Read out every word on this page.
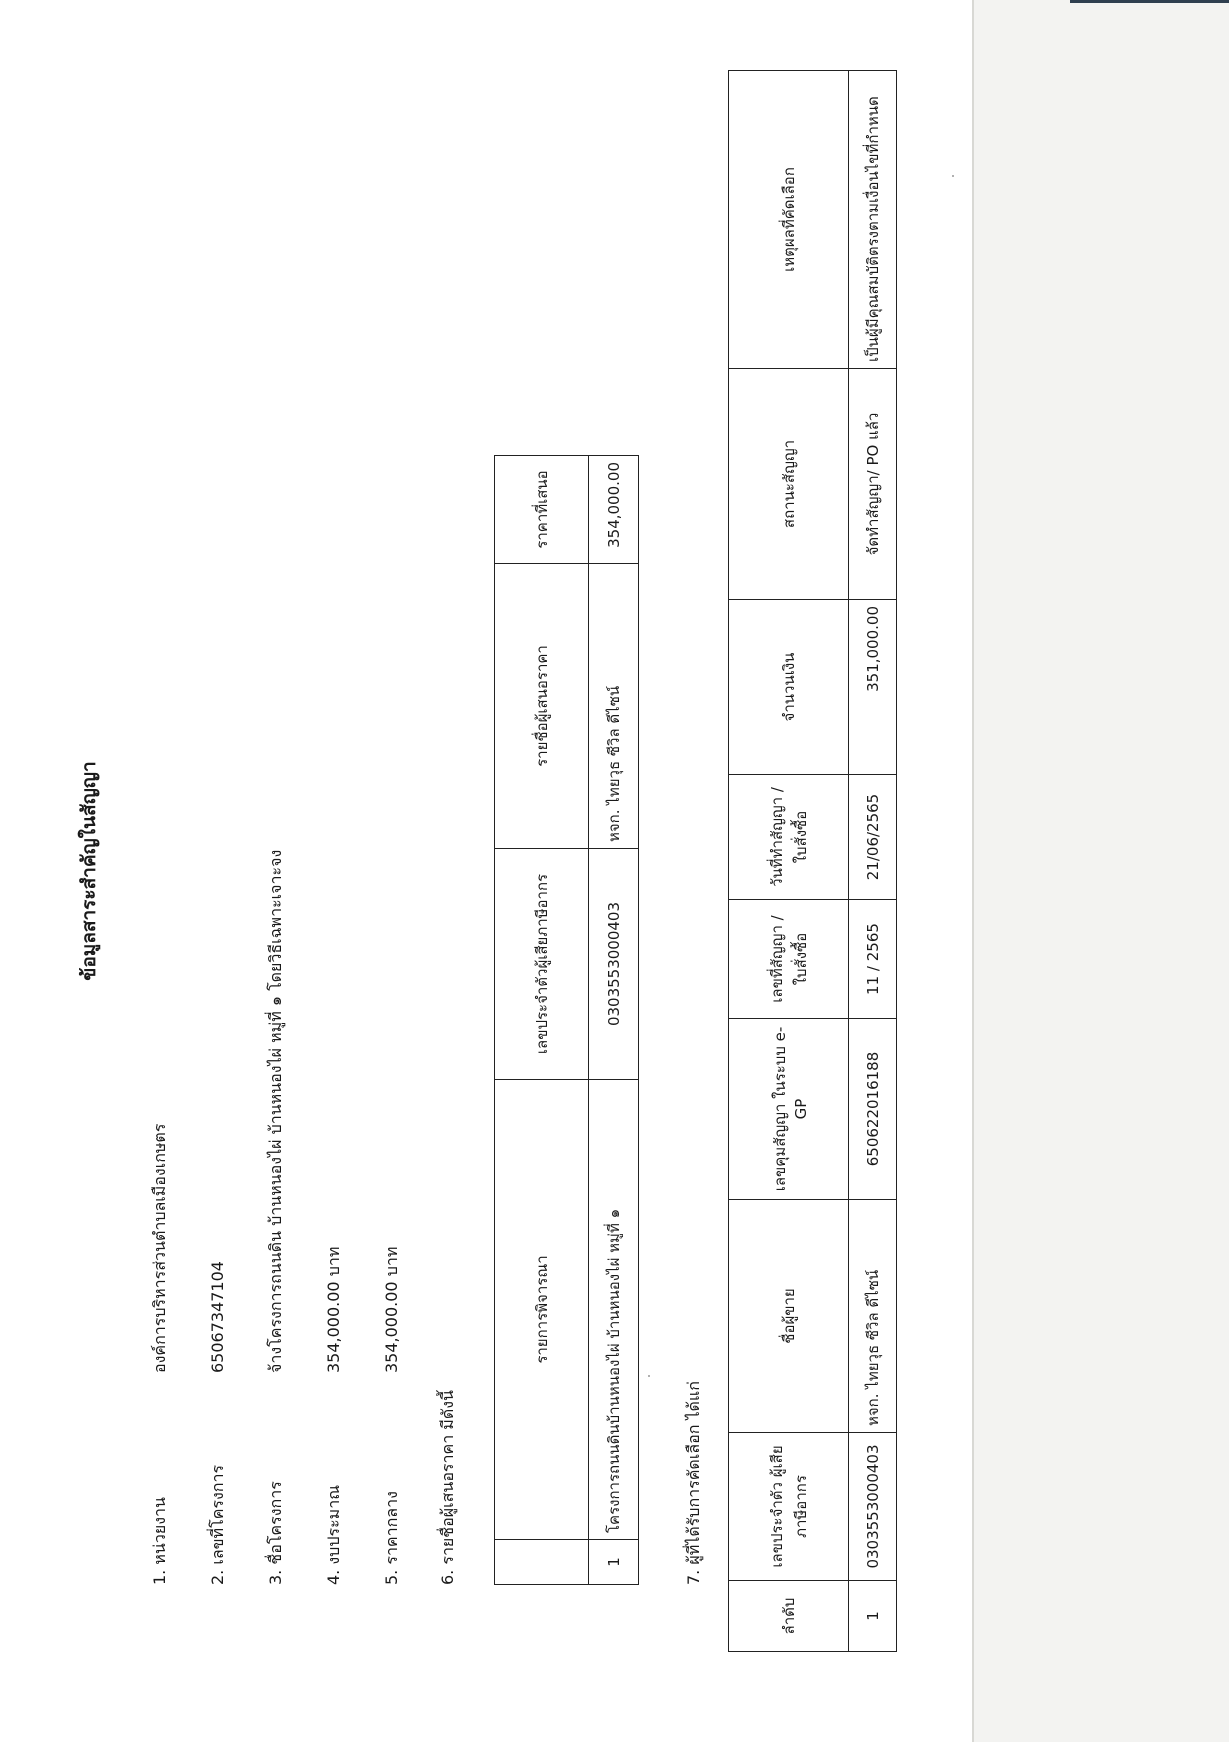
ข้อมูลสาระสำคัญในสัญญา
1. หน่วยงานองค์การบริหารส่วนตำบลเมืองเกษตร
2. เลขที่โครงการ65067347104
3. ชื่อโครงการจ้างโครงการถนนดิน บ้านหนองไผ่ บ้านหนองไผ่ หมู่ที่ ๑ โดยวิธีเฉพาะเจาะจง
4. งบประมาณ354,000.00 บาท
5. ราคากลาง354,000.00 บาท
6. รายชื่อผู้เสนอราคา มีดังนี้
	รายการพิจารณา	เลขประจำตัวผู้เสียภาษีอากร	รายชื่อผู้เสนอราคา	ราคาที่เสนอ
1	โครงการถนนดินบ้านหนองไผ่ บ้านหนองไผ่ หมู่ที่ ๑	0303553000403	หจก. ไทยวุธ ซีวิล ดีไซน์	354,000.00
7. ผู้ที่ได้รับการคัดเลือก ได้แก่
ลำดับ	เลขประจำตัว ผู้เสียภาษีอากร	ชื่อผู้ขาย	เลขคุมสัญญา ในระบบ e-GP	เลขที่สัญญา / ใบสั่งซื้อ	วันที่ทำสัญญา / ใบสั่งซื้อ	จำนวนเงิน	สถานะสัญญา	เหตุผลที่คัดเลือก
1	0303553000403	หจก. ไทยวุธ ซีวิล ดีไซน์	650622016188	11 / 2565	21/06/2565	351,000.00	จัดทำสัญญา/ PO แล้ว	เป็นผู้มีคุณสมบัติตรงตามเงื่อนไขที่กำหนด
